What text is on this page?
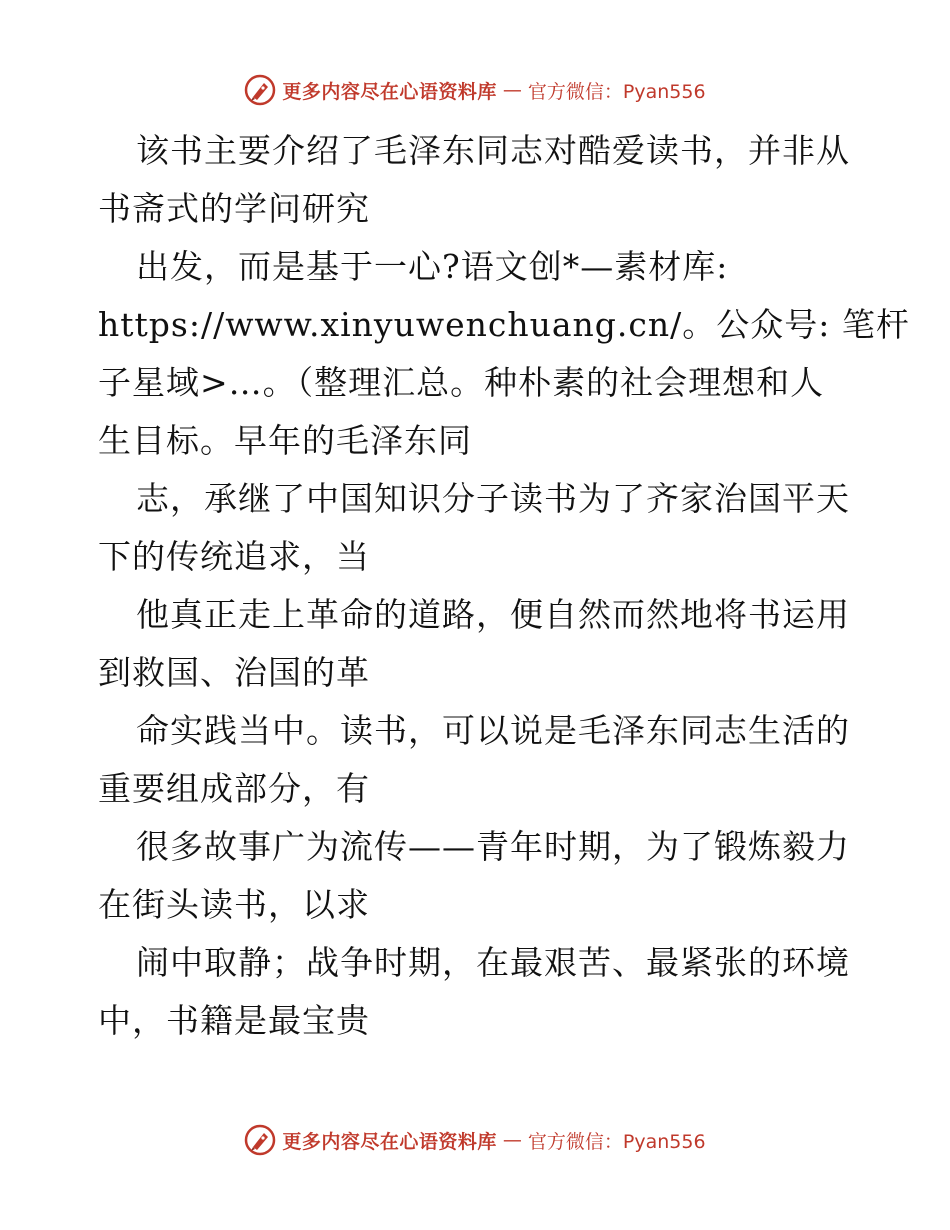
更多内容尽在心语资料库 — 官方微信：Pyan556
该书主要介绍了毛泽东同志对酷爱读书，并非从
书斋式的学问研究
出发，而是基于一心?语文创*—素材库:
https://www.xinyuwenchuang.cn/。公众号: 笔杆
子星域>…。（整理汇总。种朴素的社会理想和人
生目标。早年的毛泽东同
志，承继了中国知识分子读书为了齐家治国平天
下的传统追求，当
他真正走上革命的道路，便自然而然地将书运用
到救国、治国的革
命实践当中。读书，可以说是毛泽东同志生活的
重要组成部分，有
很多故事广为流传——青年时期，为了锻炼毅力
在街头读书，以求
闹中取静；战争时期，在最艰苦、最紧张的环境
中，书籍是最宝贵
更多内容尽在心语资料库 — 官方微信：Pyan556
